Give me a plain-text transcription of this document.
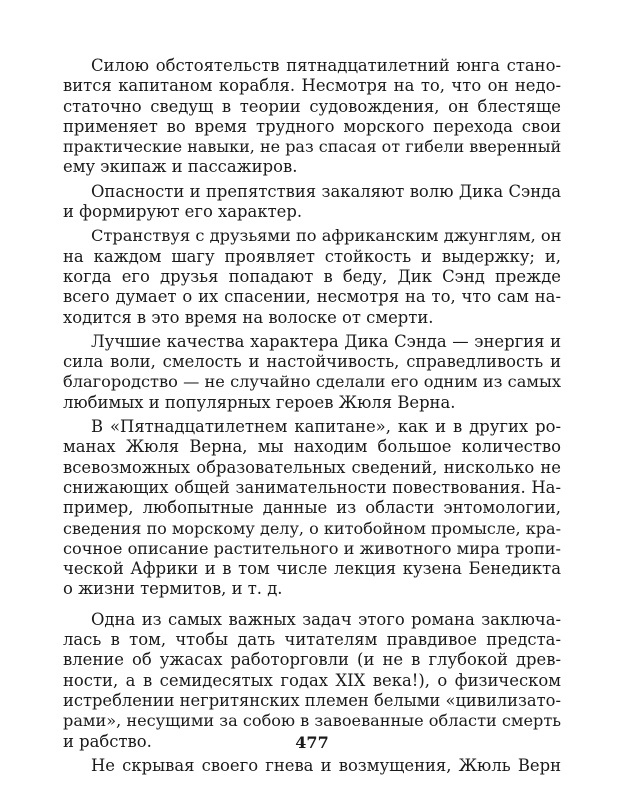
Силою обстоятельств пятнадцатилетний юнга стано-
вится капитаном корабля. Несмотря на то, что он недо-
статочно сведущ в теории судовождения, он блестяще
применяет во время трудного морского перехода свои
практические навыки, не раз спасая от гибели вверенный
ему экипаж и пассажиров.
Опасности и препятствия закаляют волю Дика Сэнда
и формируют его характер.
Странствуя с друзьями по африканским джунглям, он
на каждом шагу проявляет стойкость и выдержку; и,
когда его друзья попадают в беду, Дик Сэнд прежде
всего думает о их спасении, несмотря на то, что сам на-
ходится в это время на волоске от смерти.
Лучшие качества характера Дика Сэнда — энергия и
сила воли, смелость и настойчивость, справедливость и
благородство — не случайно сделали его одним из самых
любимых и популярных героев Жюля Верна.
В «Пятнадцатилетнем капитане», как и в других ро-
манах Жюля Верна, мы находим большое количество
всевозможных образовательных сведений, нисколько не
снижающих общей занимательности повествования. На-
пример, любопытные данные из области энтомологии,
сведения по морскому делу, о китобойном промысле, кра-
сочное описание растительного и животного мира тропи-
ческой Африки и в том числе лекция кузена Бенедикта
о жизни термитов, и т. д.
Одна из самых важных задач этого романа заключа-
лась в том, чтобы дать читателям правдивое предста-
вление об ужасах работорговли (и не в глубокой древ-
ности, а в семидесятых годах XIX века!), о физическом
истреблении негритянских племен белыми «цивилизато-
рами», несущими за собою в завоеванные области смерть
и рабство.
Не скрывая своего гнева и возмущения, Жюль Верн
477
